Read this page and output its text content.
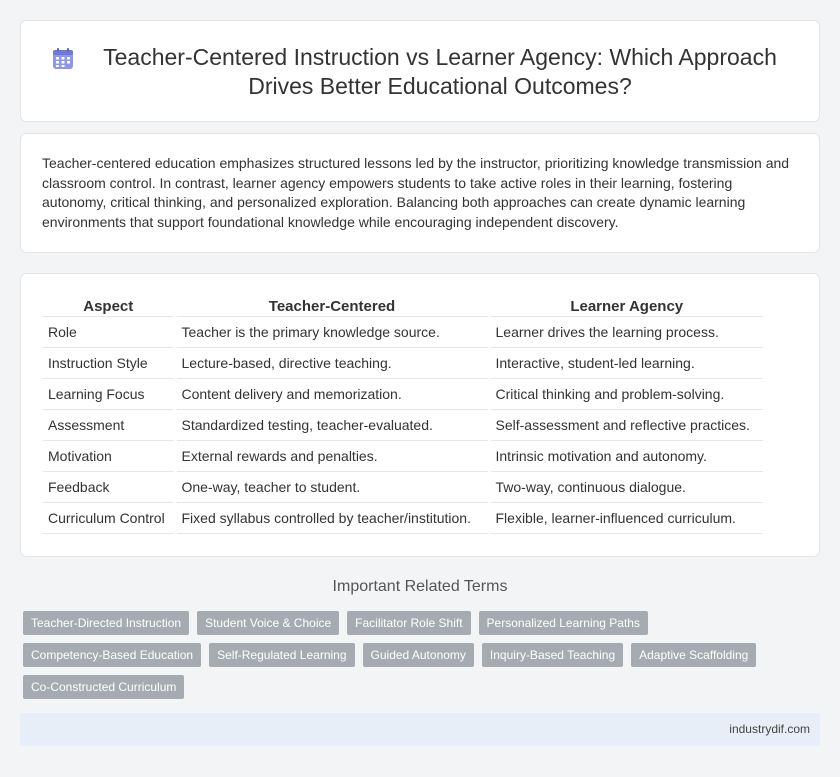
Teacher-Centered Instruction vs Learner Agency: Which Approach Drives Better Educational Outcomes?

Teacher-centered education emphasizes structured lessons led by the instructor, prioritizing knowledge transmission and classroom control. In contrast, learner agency empowers students to take active roles in their learning, fostering autonomy, critical thinking, and personalized exploration. Balancing both approaches can create dynamic learning environments that support foundational knowledge while encouraging independent discovery.

Aspect	Teacher-Centered	Learner Agency
Role	Teacher is the primary knowledge source.	Learner drives the learning process.
Instruction Style	Lecture-based, directive teaching.	Interactive, student-led learning.
Learning Focus	Content delivery and memorization.	Critical thinking and problem-solving.
Assessment	Standardized testing, teacher-evaluated.	Self-assessment and reflective practices.
Motivation	External rewards and penalties.	Intrinsic motivation and autonomy.
Feedback	One-way, teacher to student.	Two-way, continuous dialogue.
Curriculum Control	Fixed syllabus controlled by teacher/institution.	Flexible, learner-influenced curriculum.
Important Related Terms
Teacher-Directed Instruction	Student Voice & Choice	Facilitator Role Shift	Personalized Learning Paths
Competency-Based Education	Self-Regulated Learning	Guided Autonomy	Inquiry-Based Teaching	Adaptive Scaffolding
Co-Constructed Curriculum
industrydif.com
